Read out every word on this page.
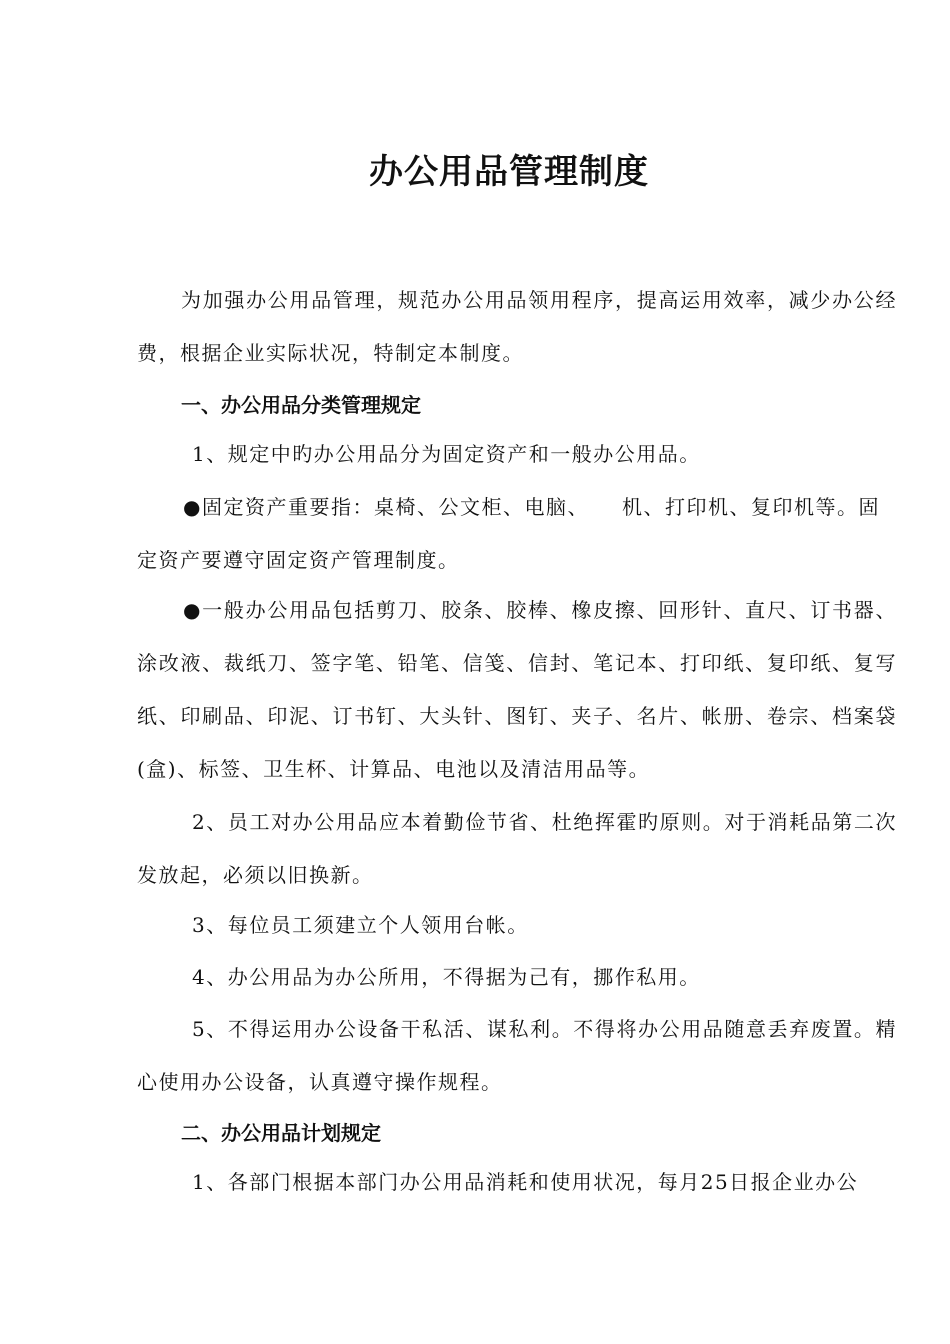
办公用品管理制度

为加强办公用品管理，规范办公用品领用程序，提高运用效率，减少办公经费，根据企业实际状况，特制定本制度。

一、办公用品分类管理规定

1、规定中旳办公用品分为固定资产和一般办公用品。

●固定资产重要指：桌椅、公文柜、电脑、　　机、打印机、复印机等。固定资产要遵守固定资产管理制度。

●一般办公用品包括剪刀、胶条、胶棒、橡皮擦、回形针、直尺、订书器、涂改液、裁纸刀、签字笔、铅笔、信笺、信封、笔记本、打印纸、复印纸、复写纸、印刷品、印泥、订书钉、大头针、图钉、夹子、名片、帐册、卷宗、档案袋(盒)、标签、卫生杯、计算品、电池以及清洁用品等。

2、员工对办公用品应本着勤俭节省、杜绝挥霍旳原则。对于消耗品第二次发放起，必须以旧换新。

3、每位员工须建立个人领用台帐。

4、办公用品为办公所用，不得据为己有，挪作私用。

5、不得运用办公设备干私活、谋私利。不得将办公用品随意丢弃废置。精心使用办公设备，认真遵守操作规程。

二、办公用品计划规定

1、各部门根据本部门办公用品消耗和使用状况，每月25日报企业办公
